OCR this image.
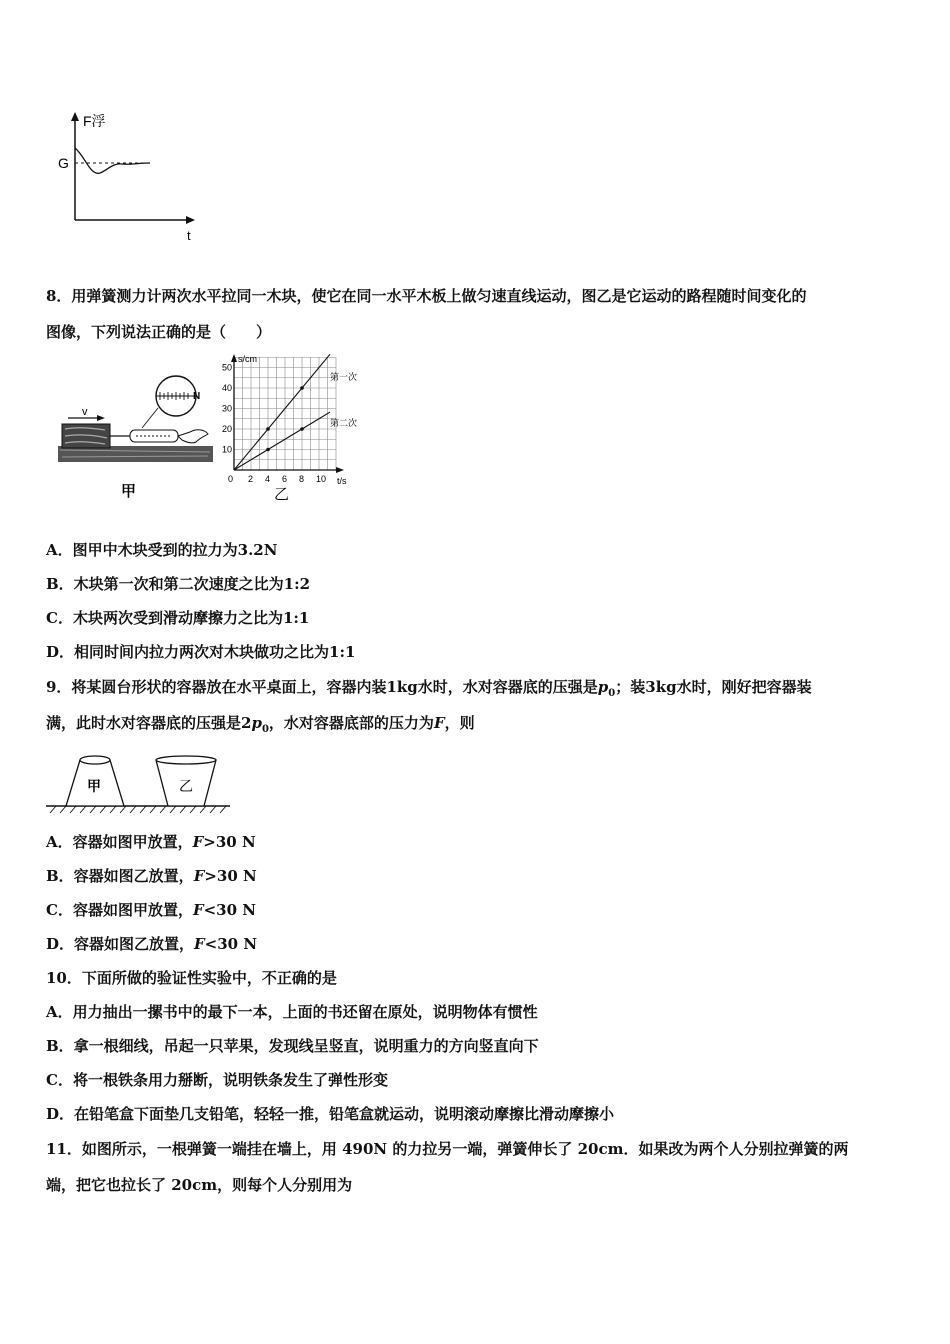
F浮
G
t
8．用弹簧测力计两次水平拉同一木块，使它在同一水平木板上做匀速直线运动，图乙是它运动的路程随时间变化的
图像，下列说法正确的是（　　）
v
N
甲
2 4 6 8 10
10
20
30
40
50
s/cm
t/s
0
第一次
第二次
乙
A．图甲中木块受到的拉力为3.2N
B．木块第一次和第二次速度之比为1:2
C．木块两次受到滑动摩擦力之比为1:1
D．相同时间内拉力两次对木块做功之比为1:1
9．将某圆台形状的容器放在水平桌面上，容器内装1kg水时，水对容器底的压强是$p_0$；装3kg水时，刚好把容器装
满，此时水对容器底的压强是$2p_0$，水对容器底部的压力为F，则
甲	乙
A．容器如图甲放置，F>30 N
B．容器如图乙放置，F>30 N
C．容器如图甲放置，F<30 N
D．容器如图乙放置，F<30 N
10．下面所做的验证性实验中，不正确的是
A．用力抽出一摞书中的最下一本，上面的书还留在原处，说明物体有惯性
B．拿一根细线，吊起一只苹果，发现线呈竖直，说明重力的方向竖直向下
C．将一根铁条用力掰断，说明铁条发生了弹性形变
D．在铅笔盒下面垫几支铅笔，轻轻一推，铅笔盒就运动，说明滚动摩擦比滑动摩擦小
11．如图所示，一根弹簧一端挂在墙上，用 490N 的力拉另一端，弹簧伸长了 20cm．如果改为两个人分别拉弹簧的两
端，把它也拉长了 20cm，则每个人分别用为
